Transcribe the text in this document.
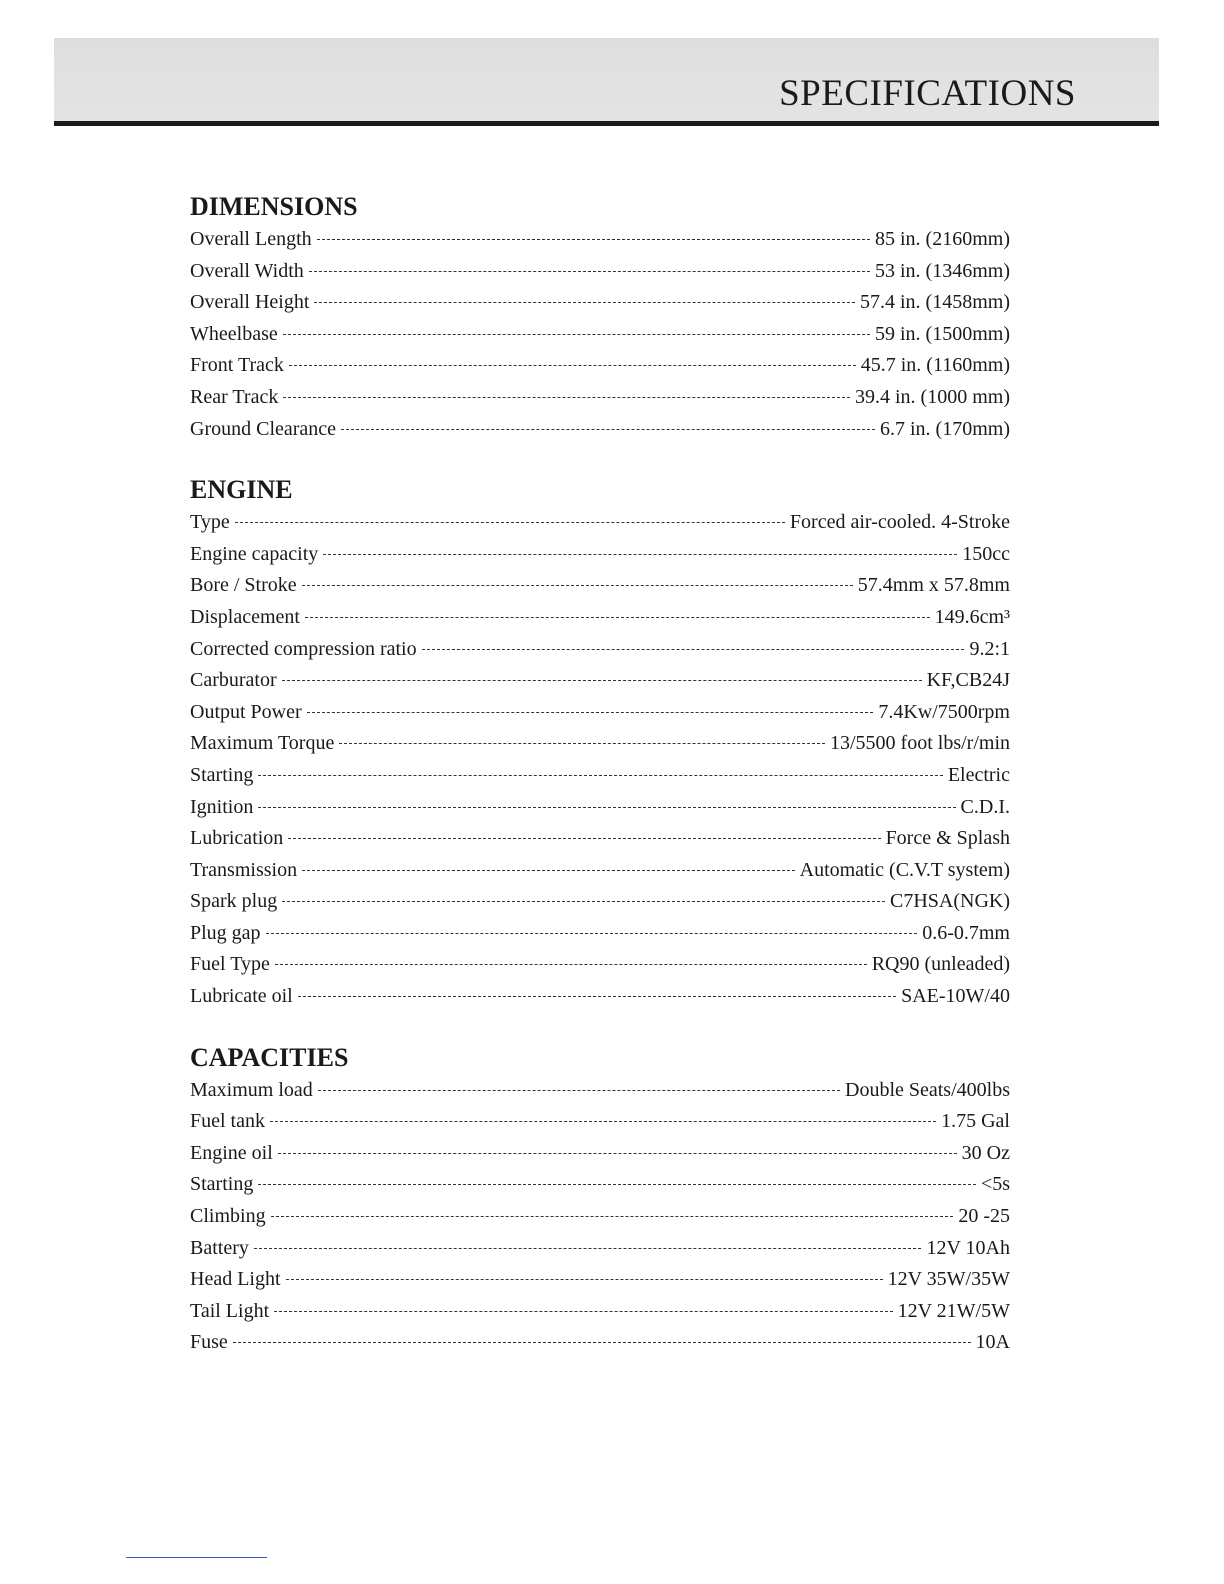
SPECIFICATIONS
DIMENSIONS
Overall Length	85 in. (2160mm)
Overall Width	53 in. (1346mm)
Overall Height	57.4 in. (1458mm)
Wheelbase	59 in. (1500mm)
Front Track	45.7 in. (1160mm)
Rear Track	39.4 in. (1000 mm)
Ground Clearance	6.7 in. (170mm)
ENGINE
Type	Forced air-cooled. 4-Stroke
Engine capacity	150cc
Bore / Stroke	57.4mm x 57.8mm
Displacement	149.6cm³
Corrected compression ratio	9.2:1
Carburator	KF,CB24J
Output Power	7.4Kw/7500rpm
Maximum Torque	13/5500 foot lbs/r/min
Starting	Electric
Ignition	C.D.I.
Lubrication	Force & Splash
Transmission	Automatic (C.V.T system)
Spark plug	C7HSA(NGK)
Plug gap	0.6-0.7mm
Fuel Type	RQ90 (unleaded)
Lubricate oil	SAE-10W/40
CAPACITIES
Maximum load	Double Seats/400lbs
Fuel tank	1.75 Gal
Engine oil	30 Oz
Starting	<5s
Climbing	20 -25
Battery	12V 10Ah
Head Light	12V 35W/35W
Tail Light	12V 21W/5W
Fuse	10A
